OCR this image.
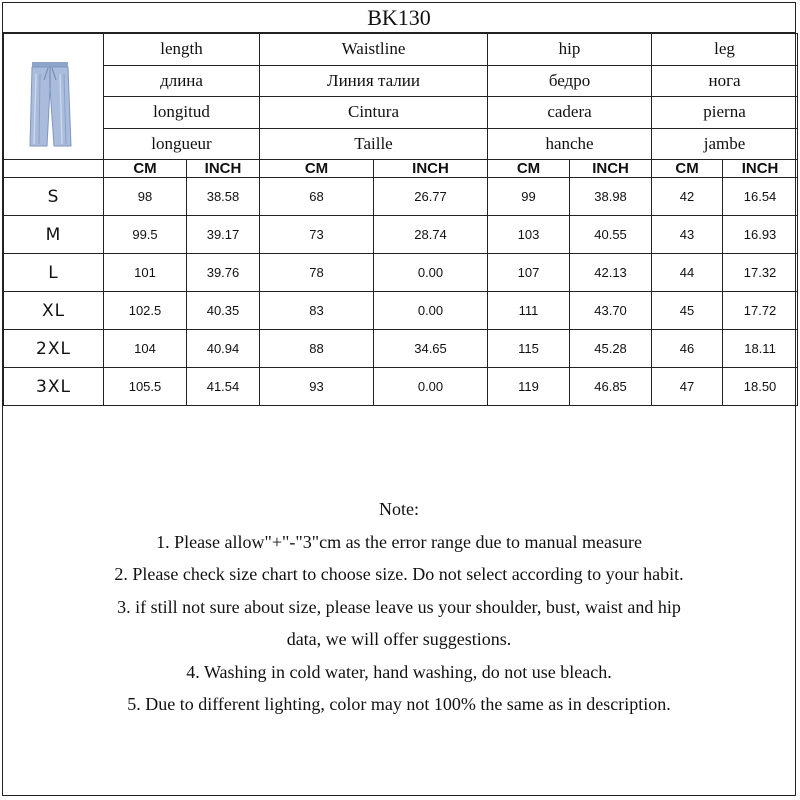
BK130
	length		Waistline		hip		leg	
	длина		Линия талии		бедро		нога	
	longitud		Cintura		cadera		pierna	
	longueur		Taille		hanche		jambe	
	CM	INCH	CM	INCH	CM	INCH	CM	INCH
S	98	38.58	68	26.77	99	38.98	42	16.54
M	99.5	39.17	73	28.74	103	40.55	43	16.93
L	101	39.76	78	0.00	107	42.13	44	17.32
XL	102.5	40.35	83	0.00	111	43.70	45	17.72
2XL	104	40.94	88	34.65	115	45.28	46	18.11
3XL	105.5	41.54	93	0.00	119	46.85	47	18.50
Note:
1. Please allow"+"-"3"cm as the error range due to manual measure
2. Please check size chart to choose size. Do not select according to your habit.
3. if still not sure about size, please leave us your shoulder, bust, waist and hip
data, we will offer suggestions.
4. Washing in cold water, hand washing, do not use bleach.
5. Due to different lighting, color may not 100% the same as in description.
